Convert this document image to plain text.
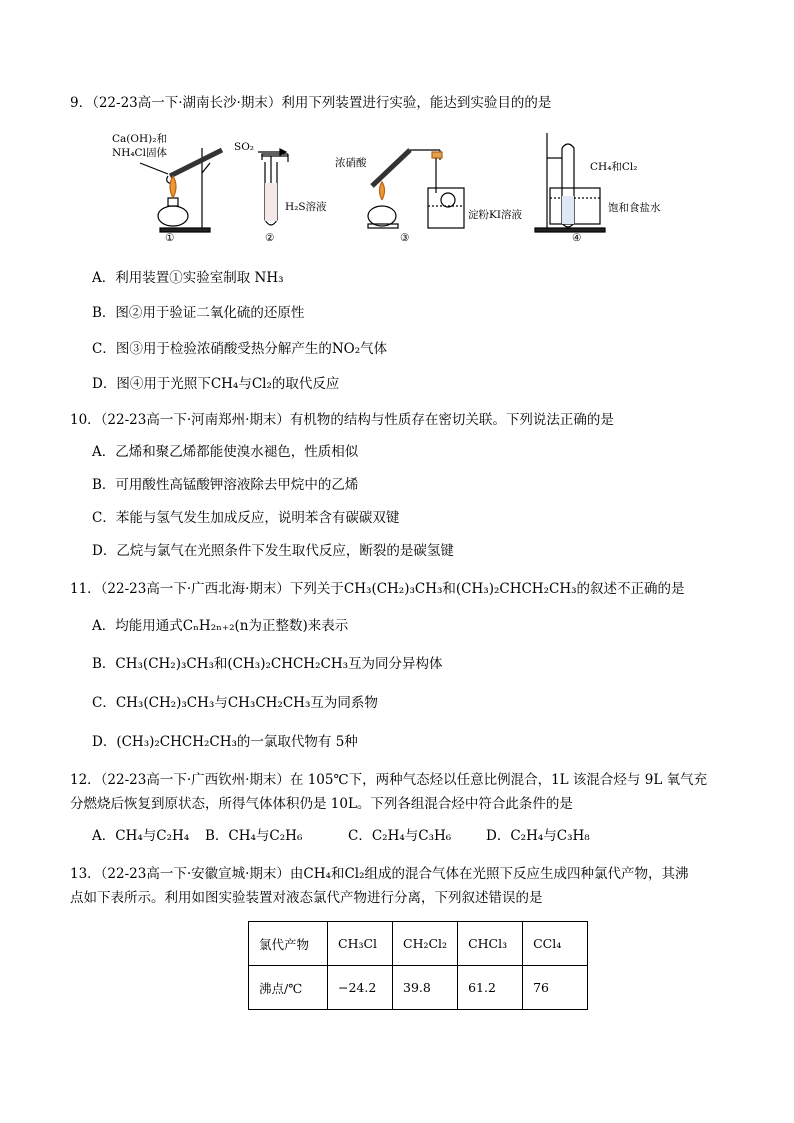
9．（22-23高一下·湖南长沙·期末）利用下列装置进行实验，能达到实验目的的是
Ca(OH)₂和
NH₄Cl固体
①
SO₂
H₂S溶液
②
浓硝酸
淀粉KI溶液
③
CH₄和Cl₂
饱和食盐水
④
A．利用装置①实验室制取 NH₃
B．图②用于验证二氧化硫的还原性
C．图③用于检验浓硝酸受热分解产生的NO₂气体
D．图④用于光照下CH₄与Cl₂的取代反应
10．（22-23高一下·河南郑州·期末）有机物的结构与性质存在密切关联。下列说法正确的是
A．乙烯和聚乙烯都能使溴水褪色，性质相似
B．可用酸性高锰酸钾溶液除去甲烷中的乙烯
C．苯能与氢气发生加成反应，说明苯含有碳碳双键
D．乙烷与氯气在光照条件下发生取代反应，断裂的是碳氢键
11．（22-23高一下·广西北海·期末）下列关于CH₃(CH₂)₃CH₃和(CH₃)₂CHCH₂CH₃的叙述不正确的是
A．均能用通式CₙH₂ₙ₊₂(n为正整数)来表示
B．CH₃(CH₂)₃CH₃和(CH₃)₂CHCH₂CH₃互为同分异构体
C．CH₃(CH₂)₃CH₃与CH₃CH₂CH₃互为同系物
D．(CH₃)₂CHCH₂CH₃的一氯取代物有 5种
12．（22-23高一下·广西钦州·期末）在 105℃下，两种气态烃以任意比例混合，1L 该混合烃与 9L 氧气充
分燃烧后恢复到原状态，所得气体体积仍是 10L。下列各组混合烃中符合此条件的是
A．CH₄与C₂H₄ B．CH₄与C₂H₆	C．C₂H₄与C₃H₆	D．C₂H₄与C₃H₈
13．（22-23高一下·安徽宣城·期末）由CH₄和Cl₂组成的混合气体在光照下反应生成四种氯代产物，其沸
点如下表所示。利用如图实验装置对液态氯代产物进行分离，下列叙述错误的是
氯代产物	CH₃Cl	CH₂Cl₂	CHCl₃	CCl₄
沸点/℃	−24.2	39.8	61.2	76
